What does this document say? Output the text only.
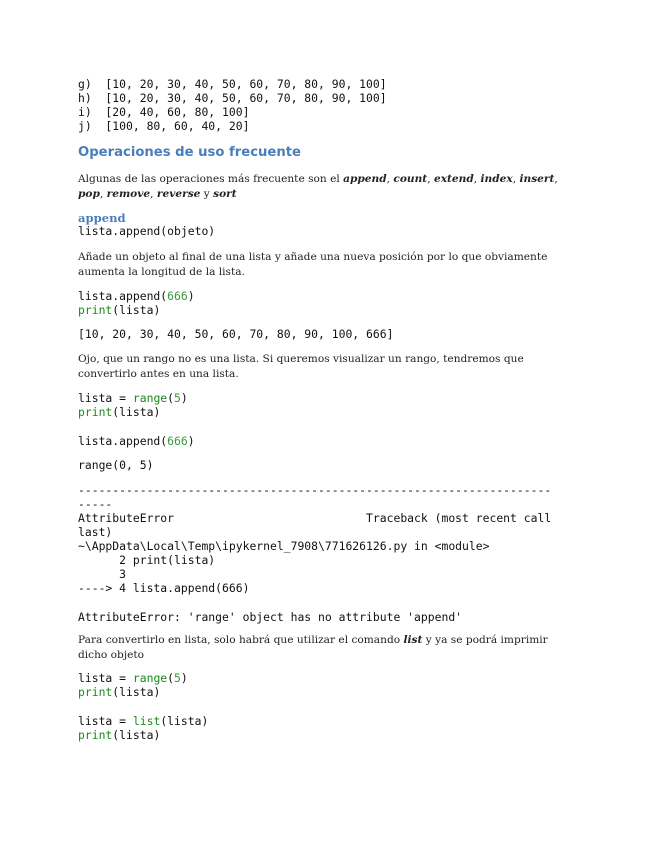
g)  [10, 20, 30, 40, 50, 60, 70, 80, 90, 100]
h)  [10, 20, 30, 40, 50, 60, 70, 80, 90, 100]
i)  [20, 40, 60, 80, 100]
j)  [100, 80, 60, 40, 20]
Operaciones de uso frecuente
Algunas de las operaciones más frecuente son el append, count, extend, index, insert, pop, remove, reverse y sort
append
lista.append(objeto)
Añade un objeto al final de una lista y añade una nueva posición por lo que obviamente aumenta la longitud de la lista.
lista.append(666)
print(lista)
[10, 20, 30, 40, 50, 60, 70, 80, 90, 100, 666]
Ojo, que un rango no es una lista. Si queremos visualizar un rango, tendremos que convertirlo antes en una lista.
lista = range(5)
print(lista)
lista.append(666)
range(0, 5)
---------------------------------------------------------------------
-----
AttributeError                            Traceback (most recent call
last)
~\AppData\Local\Temp\ipykernel_7908\771626126.py in <module>
2 print(lista)
3
----> 4 lista.append(666)
AttributeError: 'range' object has no attribute 'append'
Para convertirlo en lista, solo habrá que utilizar el comando list y ya se podrá imprimir dicho objeto
lista = range(5)
print(lista)
lista = list(lista)
print(lista)
